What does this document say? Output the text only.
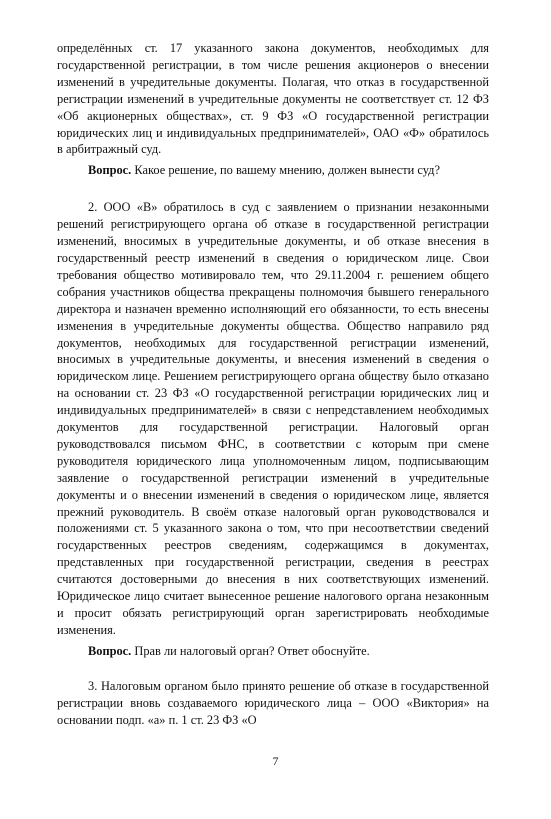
определённых ст. 17 указанного закона документов, необходимых для государственной регистрации, в том числе решения акционеров о внесении изменений в учредительные документы. Полагая, что отказ в государственной регистрации изменений в учредительные документы не соответствует ст. 12 ФЗ «Об акционерных обществах», ст. 9 ФЗ «О государственной регистрации юридических лиц и индивидуальных предпринимателей», ОАО «Ф» обратилось в арбитражный суд.

Вопрос. Какое решение, по вашему мнению, должен вынести суд?

2. ООО «В» обратилось в суд с заявлением о признании незаконными решений регистрирующего органа об отказе в государственной регистрации изменений, вносимых в учредительные документы, и об отказе внесения в государственный реестр изменений в сведения о юридическом лице. Свои требования общество мотивировало тем, что 29.11.2004 г. решением общего собрания участников общества прекращены полномочия бывшего генерального директора и назначен временно исполняющий его обязанности, то есть внесены изменения в учредительные документы общества. Общество направило ряд документов, необходимых для государственной регистрации изменений, вносимых в учредительные документы, и внесения изменений в сведения о юридическом лице. Решением регистрирующего органа обществу было отказано на основании ст. 23 ФЗ «О государственной регистрации юридических лиц и индивидуальных предпринимателей» в связи с непредставлением необходимых документов для государственной регистрации. Налоговый орган руководствовался письмом ФНС, в соответствии с которым при смене руководителя юридического лица уполномоченным лицом, подписывающим заявление о государственной регистрации изменений в учредительные документы и о внесении изменений в сведения о юридическом лице, является прежний руководитель. В своём отказе налоговый орган руководствовался и положениями ст. 5 указанного закона о том, что при несоответствии сведений государственных реестров сведениям, содержащимся в документах, представленных при государственной регистрации, сведения в реестрах считаются достоверными до внесения в них соответствующих изменений. Юридическое лицо считает вынесенное решение налогового органа незаконным и просит обязать регистрирующий орган зарегистрировать необходимые изменения.

Вопрос. Прав ли налоговый орган? Ответ обоснуйте.

3. Налоговым органом было принято решение об отказе в государственной регистрации вновь создаваемого юридического лица – ООО «Виктория» на основании подп. «а» п. 1 ст. 23 ФЗ «О

7
